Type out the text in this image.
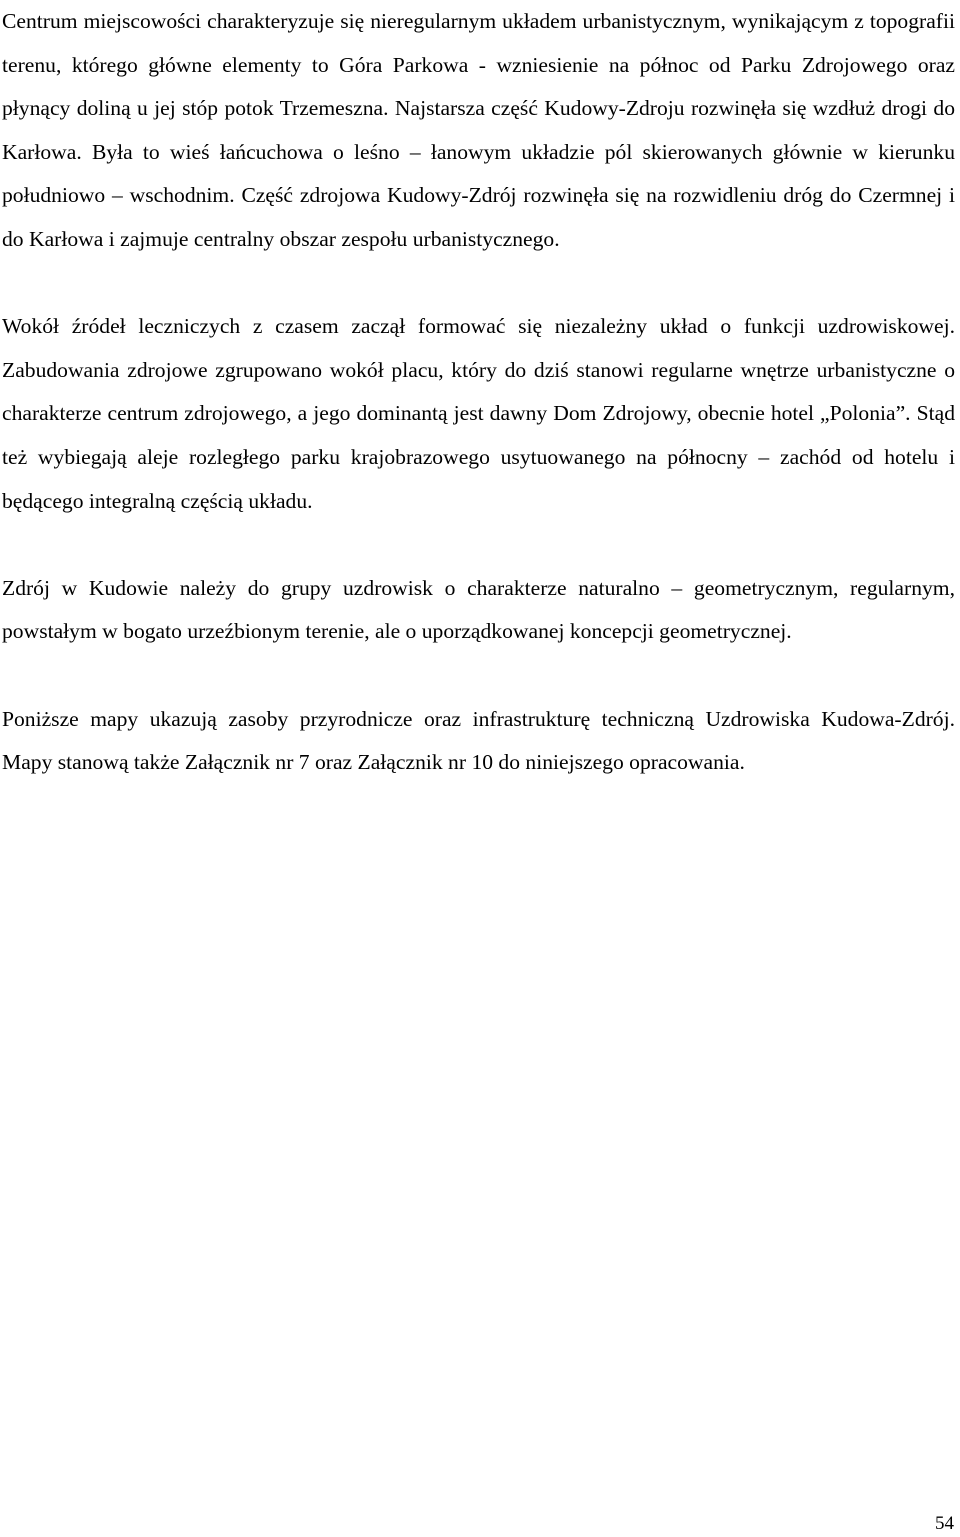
Centrum miejscowości charakteryzuje się nieregularnym układem urbanistycznym, wynikającym z topografii terenu, którego główne elementy to Góra Parkowa - wzniesienie na północ od Parku Zdrojowego oraz płynący doliną u jej stóp potok Trzemeszna. Najstarsza część Kudowy-Zdroju rozwinęła się wzdłuż drogi do Karłowa. Była to wieś łańcuchowa o leśno – łanowym układzie pól skierowanych głównie w kierunku południowo – wschodnim. Część zdrojowa Kudowy-Zdrój rozwinęła się na rozwidleniu dróg do Czermnej i do Karłowa i zajmuje centralny obszar zespołu urbanistycznego.

Wokół źródeł leczniczych z czasem zaczął formować się niezależny układ o funkcji uzdrowiskowej. Zabudowania zdrojowe zgrupowano wokół placu, który do dziś stanowi regularne wnętrze urbanistyczne o charakterze centrum zdrojowego, a jego dominantą jest dawny Dom Zdrojowy, obecnie hotel „Polonia”. Stąd też wybiegają aleje rozległego parku krajobrazowego usytuowanego na północny – zachód od hotelu i będącego integralną częścią układu.

Zdrój w Kudowie należy do grupy uzdrowisk o charakterze naturalno – geometrycznym, regularnym, powstałym w bogato urzeźbionym terenie, ale o uporządkowanej koncepcji geometrycznej.

Poniższe mapy ukazują zasoby przyrodnicze oraz infrastrukturę techniczną Uzdrowiska Kudowa-Zdrój. Mapy stanową także Załącznik nr 7 oraz Załącznik nr 10 do niniejszego opracowania.

54
